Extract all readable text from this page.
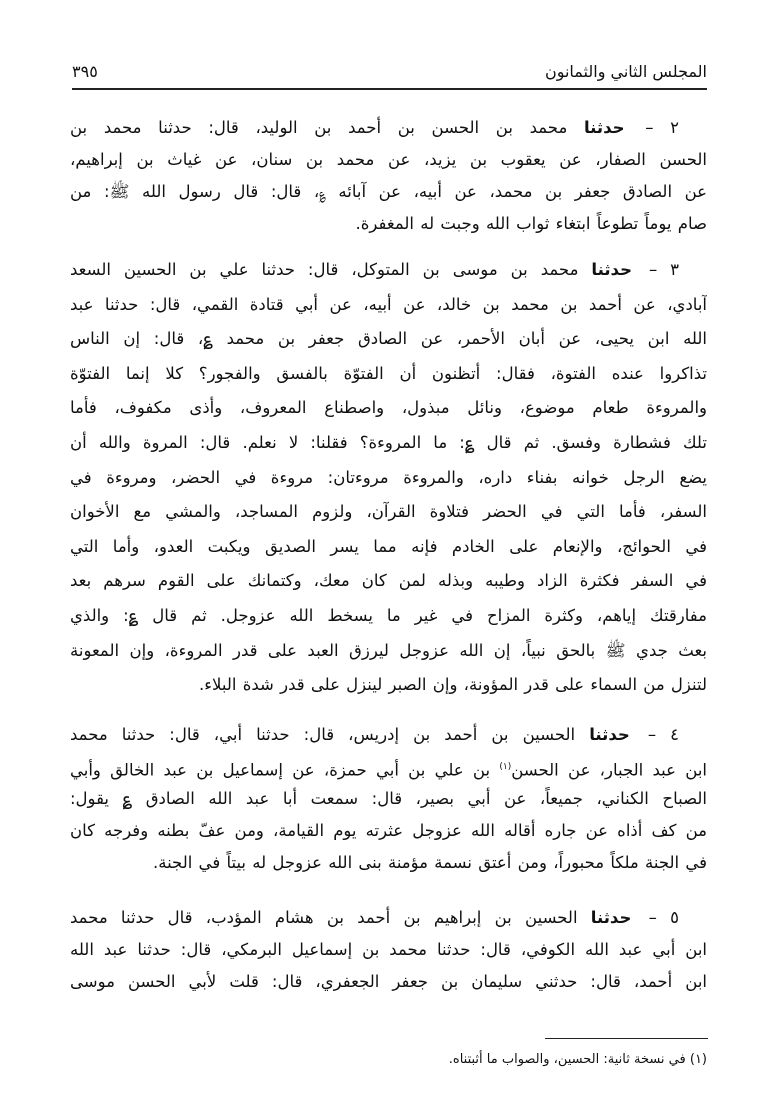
المجلس الثاني والثمانون
٣٩٥
٢ – حدثنا محمد بن الحسن بن أحمد بن الوليد، قال: حدثنا محمد بن
الحسن الصفار، عن يعقوب بن يزيد، عن محمد بن سنان، عن غياث بن إبراهيم،
عن الصادق جعفر بن محمد، عن أبيه، عن آبائه ؏، قال: قال رسول الله ﷺ: من
صام يوماً تطوعاً ابتغاء ثواب الله وجبت له المغفرة.
٣ – حدثنا محمد بن موسى بن المتوكل، قال: حدثنا علي بن الحسين السعد
آبادي، عن أحمد بن محمد بن خالد، عن أبيه، عن أبي قتادة القمي، قال: حدثنا عبد
الله ابن يحيى، عن أبان الأحمر، عن الصادق جعفر بن محمد ؏، قال: إن الناس
تذاكروا عنده الفتوة، فقال: أتظنون أن الفتوّة بالفسق والفجور؟ كلا إنما الفتوّة
والمروءة طعام موضوع، ونائل مبذول، واصطناع المعروف، وأذى مكفوف، فأما
تلك فشطارة وفسق. ثم قال ؏: ما المروءة؟ فقلنا: لا نعلم. قال: المروة والله أن
يضع الرجل خوانه بفناء داره، والمروءة مروءتان: مروءة في الحضر، ومروءة في
السفر، فأما التي في الحضر فتلاوة القرآن، ولزوم المساجد، والمشي مع الأخوان
في الحوائج، والإنعام على الخادم فإنه مما يسر الصديق ويكبت العدو، وأما التي
في السفر فكثرة الزاد وطيبه وبذله لمن كان معك، وكتمانك على القوم سرهم بعد
مفارقتك إياهم، وكثرة المزاح في غير ما يسخط الله عزوجل. ثم قال ؏: والذي
بعث جدي ﷺ بالحق نبياً، إن الله عزوجل ليرزق العبد على قدر المروءة، وإن المعونة
لتنزل من السماء على قدر المؤونة، وإن الصبر لينزل على قدر شدة البلاء.
٤ – حدثنا الحسين بن أحمد بن إدريس، قال: حدثنا أبي، قال: حدثنا محمد
ابن عبد الجبار، عن الحسن$^{(١)}$ بن علي بن أبي حمزة، عن إسماعيل بن عبد الخالق وأبي
الصباح الكناني، جميعاً، عن أبي بصير، قال: سمعت أبا عبد الله الصادق ؏ يقول:
من كف أذاه عن جاره أقاله الله عزوجل عثرته يوم القيامة، ومن عفّ بطنه وفرجه كان
في الجنة ملكاً محبوراً، ومن أعتق نسمة مؤمنة بنى الله عزوجل له بيتاً في الجنة.
٥ – حدثنا الحسين بن إبراهيم بن أحمد بن هشام المؤدب، قال حدثنا محمد
ابن أبي عبد الله الكوفي، قال: حدثنا محمد بن إسماعيل البرمكي، قال: حدثنا عبد الله
ابن أحمد، قال: حدثني سليمان بن جعفر الجعفري، قال: قلت لأبي الحسن موسى
(١) في نسخة ثانية: الحسين، والصواب ما أثبتناه.
